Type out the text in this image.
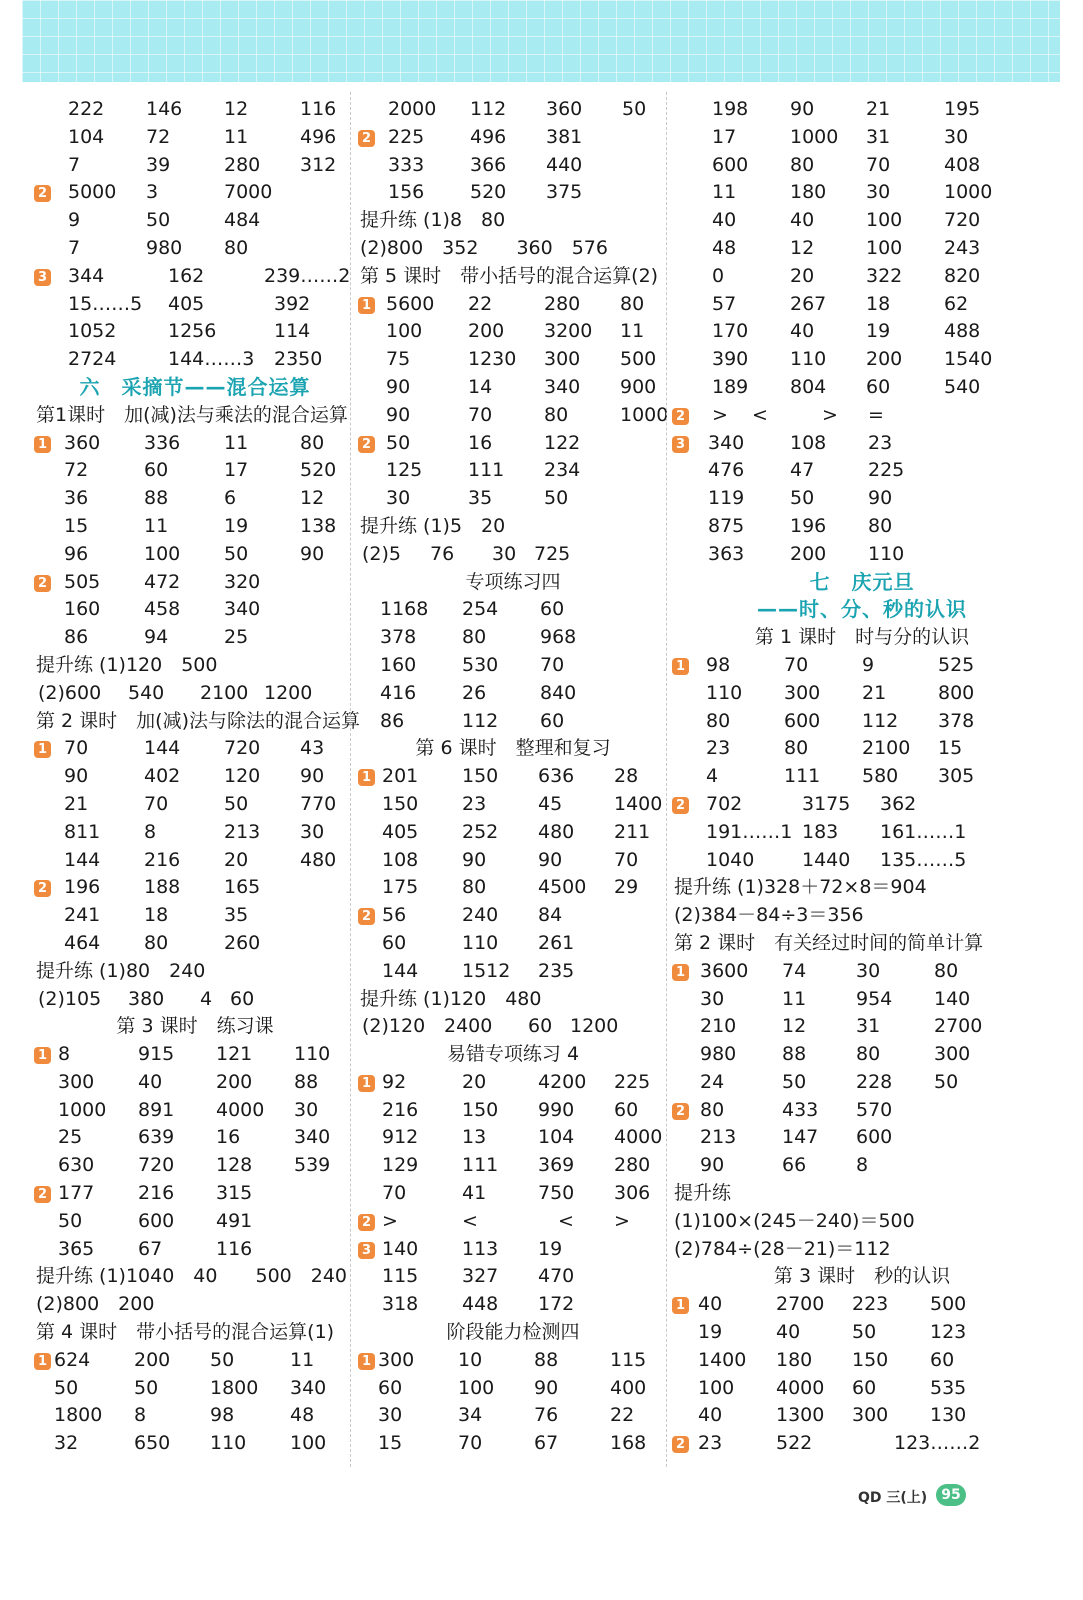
222 146 12	116
104 72	11	496
7	39	280 312
2 5000 3	7000
9	50	484
7	980 80
3 344	162	239……2
15……5 405	392
1052	1256	114
2724	144……3 2350
六　采摘节——混合运算
第1课时　加(减)法与乘法的混合运算
1 360 336 11	80
72	60	17	520
36	88	6	12
15	11	19	138
96	100 50	90
2 505 472 320
160 458 340
86	94	25
提升练 (1)120　500
(2)600 540 2100 1200
第 2 课时　加(减)法与除法的混合运算
1 70	144 720 43
90	402 120 90
21	70	50	770
811 8	213 30
144 216 20	480
2 196 188 165
241 18	35
464 80	260
提升练 (1)80　240
(2)105 380 4 60
第 3 课时　练习课
1 8	915 121 110
300 40	200 88
1000 891 4000 30
25	639 16	340
630 720 128 539
2 177 216 315
50	600 491
365 67	116
提升练 (1)1040　40　　500　240
(2)800　200
第 4 课时　带小括号的混合运算(1)
1 624 200 50	11
50	50	1800 340
1800 8	98	48
32	650 110 100
2000 112 360 50
2 225 496 381
333 366 440
156 520 375
提升练 (1)8　80
(2)800　352　　360　576
第 5 课时　带小括号的混合运算(2)
1 5600 22	280 80
100 200 3200 11
75	1230 300 500
90	14	340 900
90	70	80	1000
2 50	16	122
125 111 234
30	35	50
提升练 (1)5　20
(2)5 76 30 725
专项练习四
1168 254 60
378 80	968
160 530 70
416 26	840
86	112 60
第 6 课时　整理和复习
1 201 150 636 28
150 23	45	1400
405 252 480 211
108 90	90	70
175 80	4500 29
2 56	240 84
60	110 261
144 1512 235
提升练 (1)120　480
(2)120 2400 60 1200
易错专项练习 4
1 92	20	4200 225
216 150 990 60
912 13	104 4000
129 111 369 280
70	41	750 306
2 >	<	< >
3 140 113 19
115 327 470
318 448 172
阶段能力检测四
1 300 10	88	115
60	100 90	400
30	34	76	22
15	70	67	168
198 90	21	195
17	1000 31	30
600 80	70	408
11	180 30	1000
40	40	100 720
48	12	100 243
0	20	322 820
57	267 18	62
170 40	19	488
390 110 200 1540
189 804 60	540
2 > <	> =
3 340 108 23
476 47	225
119 50	90
875 196 80
363 200 110
七　庆元旦
——时、分、秒的认识
第 1 课时　时与分的认识
1 98	70	9	525
110 300 21	800
80	600 112 378
23	80	2100 15
4	111 580 305
2 702	3175 362
191……1 183 161……1
1040	1440 135……5
提升练 (1)328＋72×8＝904
(2)384－84÷3＝356
第 2 课时　有关经过时间的简单计算
1 3600 74	30	80
30	11	954 140
210 12	31	2700
980 88	80	300
24	50	228 50
2 80	433 570
213 147 600
90	66	8
提升练
(1)100×(245－240)＝500
(2)784÷(28－21)＝112
第 3 课时　秒的认识
1 40	2700 223 500
19	40	50	123
1400 180 150 60
100 4000 60	535
40	1300 300 130
2 23	522	123……2
QD 三(上)	95
